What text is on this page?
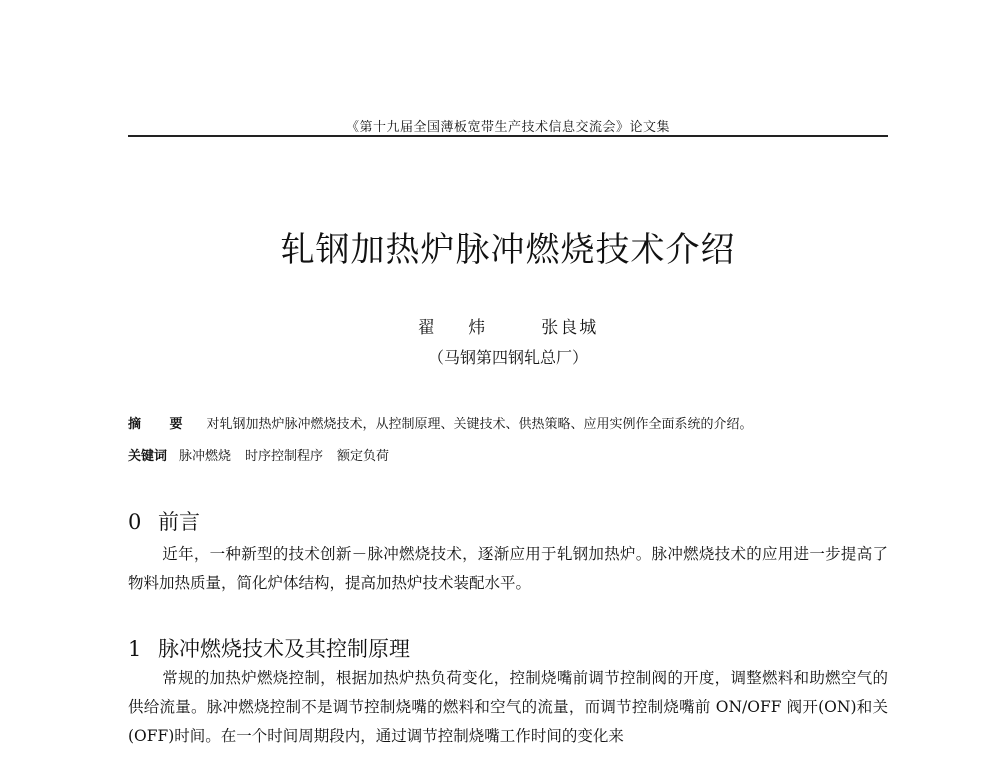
《第十九届全国薄板宽带生产技术信息交流会》论文集
轧钢加热炉脉冲燃烧技术介绍
翟 炜 张良城
（马钢第四钢轧总厂）
摘 要 对轧钢加热炉脉冲燃烧技术，从控制原理、关键技术、供热策略、应用实例作全面系统的介绍。
关键词 脉冲燃烧 时序控制程序 额定负荷
0 前言
近年，一种新型的技术创新－脉冲燃烧技术，逐渐应用于轧钢加热炉。脉冲燃烧技术的应用进一步提高了物料加热质量，简化炉体结构，提高加热炉技术装配水平。
1 脉冲燃烧技术及其控制原理
常规的加热炉燃烧控制，根据加热炉热负荷变化，控制烧嘴前调节控制阀的开度，调整燃料和助燃空气的供给流量。脉冲燃烧控制不是调节控制烧嘴的燃料和空气的流量，而调节控制烧嘴前 ON/OFF 阀开(ON)和关(OFF)时间。在一个时间周期段内，通过调节控制烧嘴工作时间的变化来
